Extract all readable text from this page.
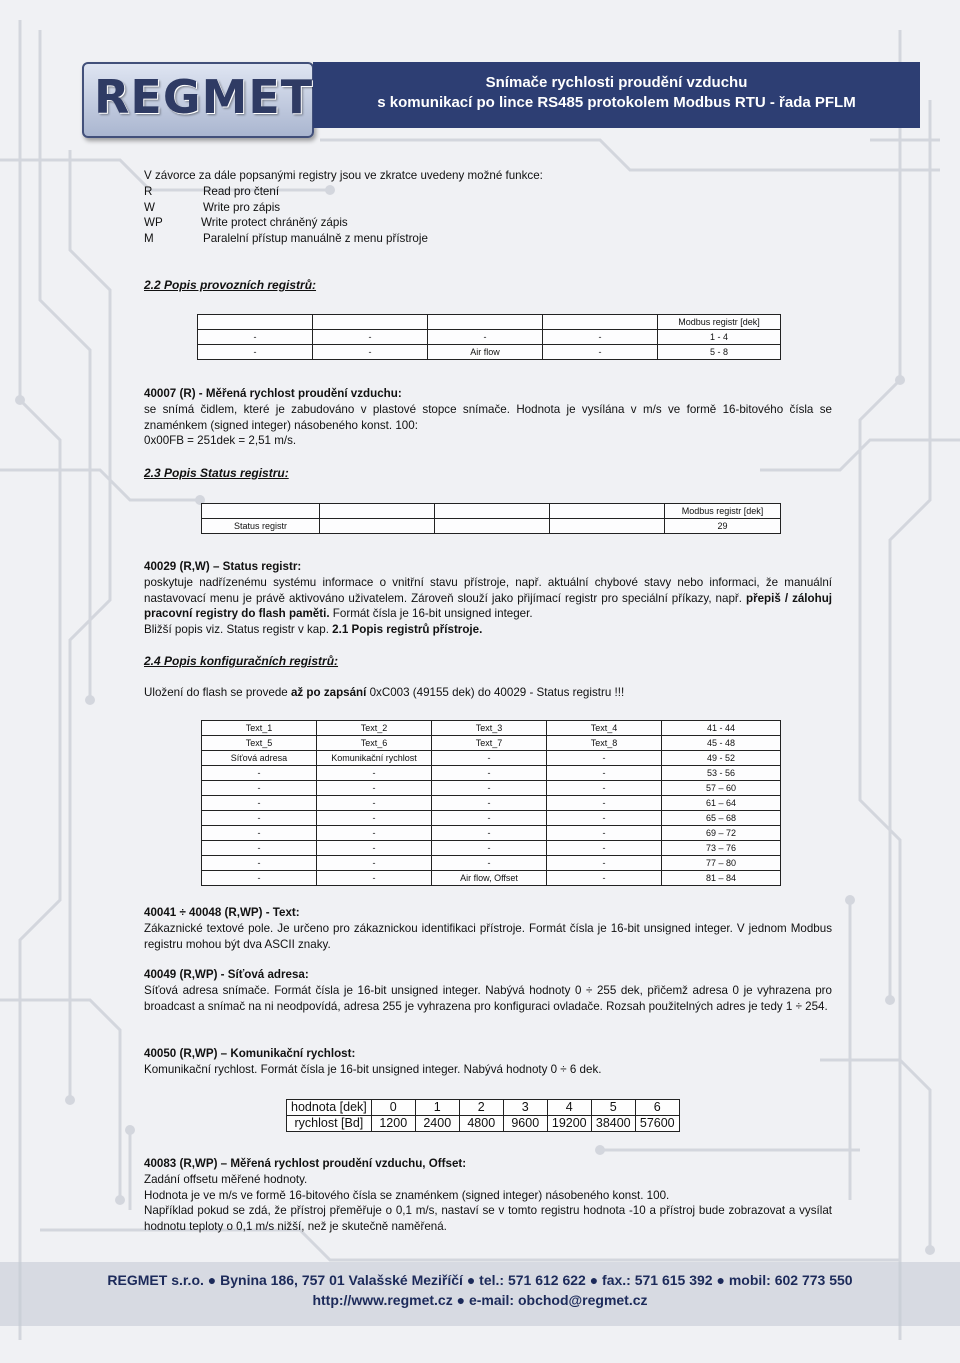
REGMET	Snímače rychlosti proudění vzduchu
s komunikací po lince RS485 protokolem Modbus RTU - řada PFLM
V závorce za dále popsanými registry jsou ve zkratce uvedeny možné funkce:
R	Read pro čtení
W	Write pro zápis
WP	Write protect chráněný zápis
M	Paralelní přístup manuálně z menu přístroje
2.2 Popis provozních registrů:
				Modbus registr [dek]
-	-	-	-	1 - 4
-	-	Air flow	-	5 - 8
40007 (R) - Měřená rychlost proudění vzduchu:
se snímá čidlem, které je zabudováno v plastové stopce snímače. Hodnota je vysílána v m/s ve formě 16-bitového čísla se znaménkem (signed integer) násobeného konst. 100:
0x00FB = 251dek = 2,51 m/s.
2.3 Popis Status registru:
				Modbus registr [dek]
Status registr				29
40029 (R,W) – Status registr:
poskytuje nadřízenému systému informace o vnitřní stavu přístroje, např. aktuální chybové stavy nebo informaci, že manuální nastavovací menu je právě aktivováno uživatelem. Zároveň slouží jako přijímací registr pro speciální příkazy, např. přepiš / zálohuj pracovní registry do flash paměti. Formát čísla je 16-bit unsigned integer.
Bližší popis viz. Status registr v kap. 2.1 Popis registrů přístroje.
2.4 Popis konfiguračních registrů:
Uložení do flash se provede až po zapsání 0xC003 (49155 dek) do 40029 - Status registru !!!
Text_1	Text_2	Text_3	Text_4	41 - 44
Text_5	Text_6	Text_7	Text_8	45 - 48
Síťová adresa	Komunikační rychlost	-	-	49 - 52
-	-	-	-	53 - 56
-	-	-	-	57 – 60
-	-	-	-	61 – 64
-	-	-	-	65 – 68
-	-	-	-	69 – 72
-	-	-	-	73 – 76
-	-	-	-	77 – 80
-	-	Air flow, Offset	-	81 – 84
40041 ÷ 40048 (R,WP) - Text:
Zákaznické textové pole. Je určeno pro zákaznickou identifikaci přístroje. Formát čísla je 16-bit unsigned integer. V jednom Modbus registru mohou být dva ASCII znaky.
40049 (R,WP) - Síťová adresa:
Síťová adresa snímače. Formát čísla je 16-bit unsigned integer. Nabývá hodnoty 0 ÷ 255 dek, přičemž adresa 0 je vyhrazena pro broadcast a snímač na ni neodpovídá, adresa 255 je vyhrazena pro konfiguraci ovladače. Rozsah použitelných adres je tedy 1 ÷ 254.
40050 (R,WP) – Komunikační rychlost:
Komunikační rychlost. Formát čísla je 16-bit unsigned integer. Nabývá hodnoty 0 ÷ 6 dek.
hodnota [dek]	0	1	2	3	4	5	6
rychlost [Bd]	1200	2400	4800	9600	19200	38400	57600
40083 (R,WP) – Měřená rychlost proudění vzduchu, Offset:
Zadání offsetu měřené hodnoty.
Hodnota je ve m/s ve formě 16-bitového čísla se znaménkem (signed integer) násobeného konst. 100.
Například pokud se zdá, že přístroj přeměřuje o 0,1 m/s, nastaví se v tomto registru hodnota -10 a přístroj bude zobrazovat a vysílat hodnotu teploty o 0,1 m/s nižší, než je skutečně naměřená.
REGMET s.r.o. ● Bynina 186, 757 01 Valašské Meziříčí ● tel.: 571 612 622 ● fax.: 571 615 392 ● mobil: 602 773 550
http://www.regmet.cz ● e-mail: obchod@regmet.cz
